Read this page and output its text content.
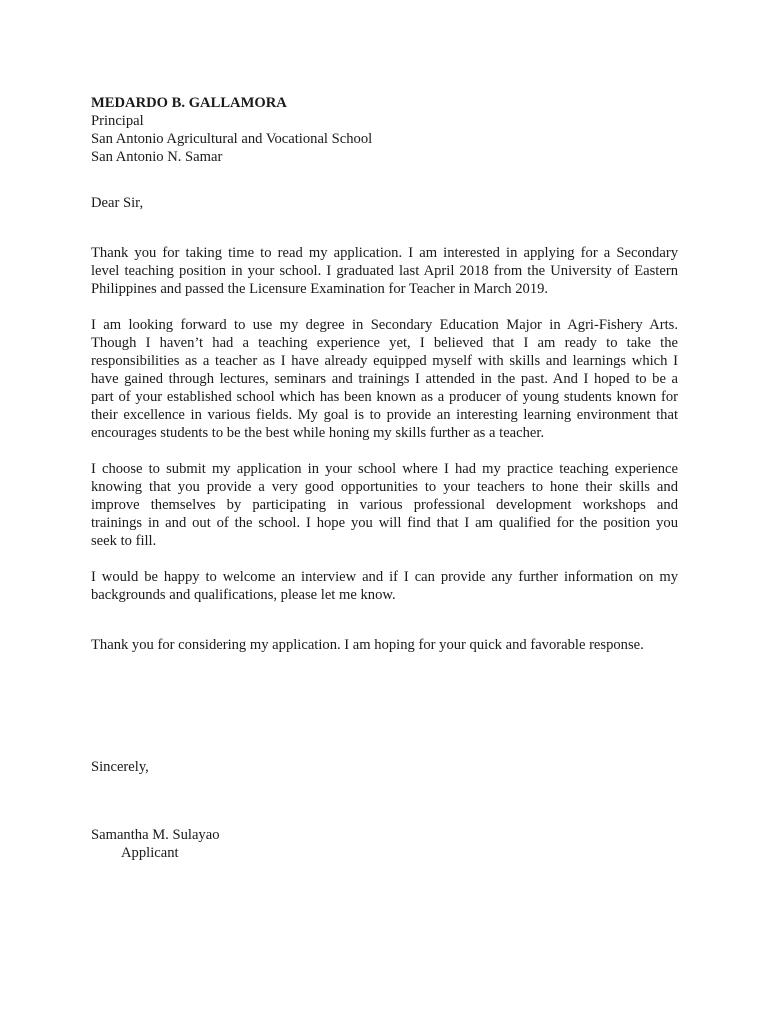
MEDARDO B. GALLAMORA
Principal
San Antonio Agricultural and Vocational School
San Antonio N. Samar
Dear Sir,
Thank you for taking time to read my application. I am interested in applying for a Secondary
level teaching position in your school. I graduated last April 2018 from the University of Eastern
Philippines and passed the Licensure Examination for Teacher in March 2019.
I am looking forward to use my degree in Secondary Education Major in Agri-Fishery Arts.
Though I haven’t had a teaching experience yet, I believed that I am ready to take the
responsibilities as a teacher as I have already equipped myself with skills and learnings which I
have gained through lectures, seminars and trainings I attended in the past. And I hoped to be a
part of your established school which has been known as a producer of young students known for
their excellence in various fields. My goal is to provide an interesting learning environment that
encourages students to be the best while honing my skills further as a teacher.
I choose to submit my application in your school where I had my practice teaching experience
knowing that you provide a very good opportunities to your teachers to hone their skills and
improve themselves by participating in various professional development workshops and
trainings in and out of the school. I hope you will find that I am qualified for the position you
seek to fill.
I would be happy to welcome an interview and if I can provide any further information on my
backgrounds and qualifications, please let me know.
Thank you for considering my application. I am hoping for your quick and favorable response.
Sincerely,
Samantha M. Sulayao
Applicant
